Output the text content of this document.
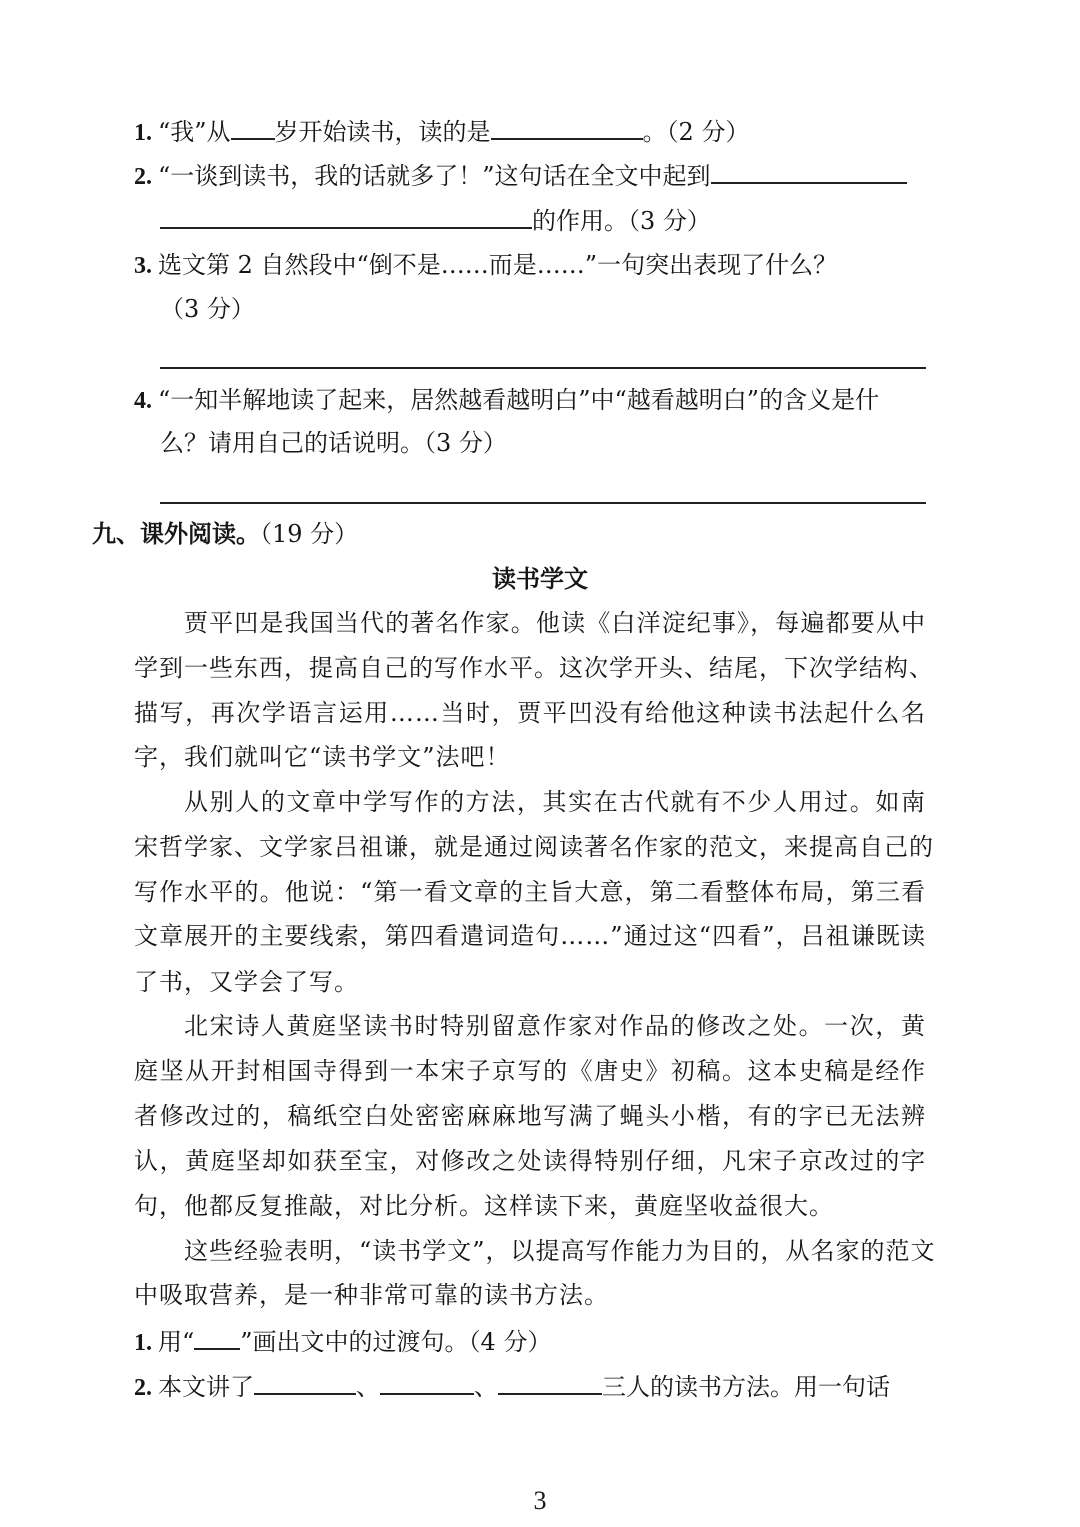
1. “我”从 岁开始读书，读的是	。（2 分）
2. “一谈到读书，我的话就多了！”这句话在全文中起到
的作用。（3 分）
3. 选文第 2 自然段中“倒不是……而是……”一句突出表现了什么？
（3 分）
4. “一知半解地读了起来，居然越看越明白”中“越看越明白”的含义是什
么？请用自己的话说明。（3 分）
九、课外阅读。（19 分）
读书学文
贾平凹是我国当代的著名作家。他读《白洋淀纪事》，每遍都要从中
学到一些东西，提高自己的写作水平。这次学开头、结尾，下次学结构、
描写，再次学语言运用……当时，贾平凹没有给他这种读书法起什么名
字，我们就叫它“读书学文”法吧！
从别人的文章中学写作的方法，其实在古代就有不少人用过。如南
宋哲学家、文学家吕祖谦，就是通过阅读著名作家的范文，来提高自己的
写作水平的。他说：“第一看文章的主旨大意，第二看整体布局，第三看
文章展开的主要线索，第四看遣词造句……”通过这“四看”，吕祖谦既读
了书，又学会了写。
北宋诗人黄庭坚读书时特别留意作家对作品的修改之处。一次，黄
庭坚从开封相国寺得到一本宋子京写的《唐史》初稿。这本史稿是经作
者修改过的，稿纸空白处密密麻麻地写满了蝇头小楷，有的字已无法辨
认，黄庭坚却如获至宝，对修改之处读得特别仔细，凡宋子京改过的字
句，他都反复推敲，对比分析。这样读下来，黄庭坚收益很大。
这些经验表明，“读书学文”，以提高写作能力为目的，从名家的范文
中吸取营养，是一种非常可靠的读书方法。
1. 用“ ”画出文中的过渡句。（4 分）
2. 本文讲了	、	、	三人的读书方法。用一句话
3
